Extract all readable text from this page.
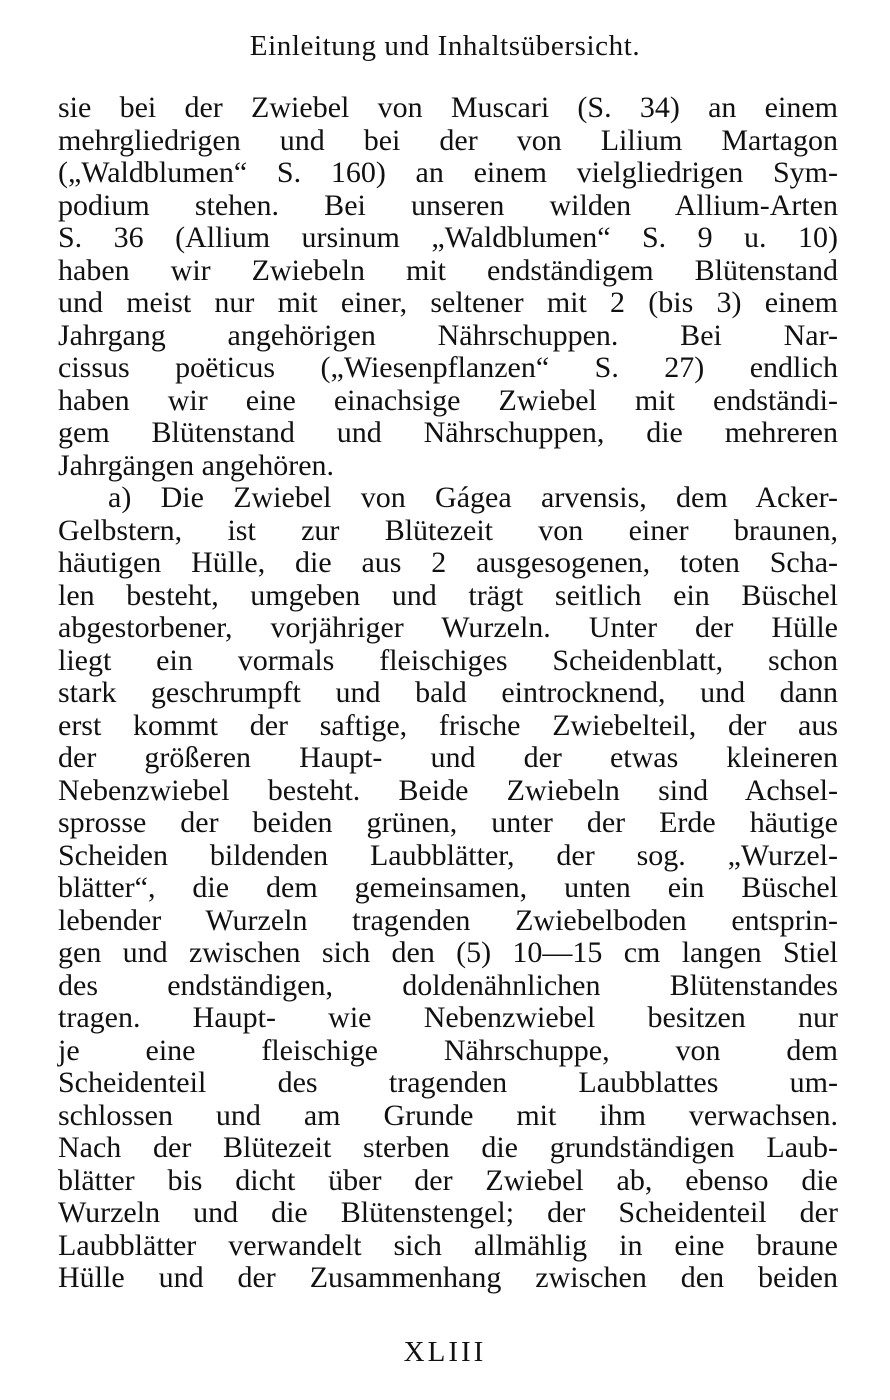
Einleitung und Inhaltsübersicht.
sie bei der Zwiebel von Muscari (S. 34) an einem
mehrgliedrigen und bei der von Lilium Martagon
(„Waldblumen“ S. 160) an einem vielgliedrigen Sym-
podium stehen. Bei unseren wilden Allium-Arten
S. 36 (Allium ursinum „Waldblumen“ S. 9 u. 10)
haben wir Zwiebeln mit endständigem Blütenstand
und meist nur mit einer, seltener mit 2 (bis 3) einem
Jahrgang angehörigen Nährschuppen. Bei Nar-
cissus poëticus („Wiesenpflanzen“ S. 27) endlich
haben wir eine einachsige Zwiebel mit endständi-
gem Blütenstand und Nährschuppen, die mehreren
Jahrgängen angehören.
a) Die Zwiebel von Gágea arvensis, dem Acker-
Gelbstern, ist zur Blütezeit von einer braunen,
häutigen Hülle, die aus 2 ausgesogenen, toten Scha-
len besteht, umgeben und trägt seitlich ein Büschel
abgestorbener, vorjähriger Wurzeln. Unter der Hülle
liegt ein vormals fleischiges Scheidenblatt, schon
stark geschrumpft und bald eintrocknend, und dann
erst kommt der saftige, frische Zwiebelteil, der aus
der größeren Haupt- und der etwas kleineren
Nebenzwiebel besteht. Beide Zwiebeln sind Achsel-
sprosse der beiden grünen, unter der Erde häutige
Scheiden bildenden Laubblätter, der sog. „Wurzel-
blätter“, die dem gemeinsamen, unten ein Büschel
lebender Wurzeln tragenden Zwiebelboden entsprin-
gen und zwischen sich den (5) 10—15 cm langen Stiel
des endständigen, doldenähnlichen Blütenstandes
tragen. Haupt- wie Nebenzwiebel besitzen nur
je eine fleischige Nährschuppe, von dem
Scheidenteil des tragenden Laubblattes um-
schlossen und am Grunde mit ihm verwachsen.
Nach der Blütezeit sterben die grundständigen Laub-
blätter bis dicht über der Zwiebel ab, ebenso die
Wurzeln und die Blütenstengel; der Scheidenteil der
Laubblätter verwandelt sich allmählig in eine braune
Hülle und der Zusammenhang zwischen den beiden
XLIII
